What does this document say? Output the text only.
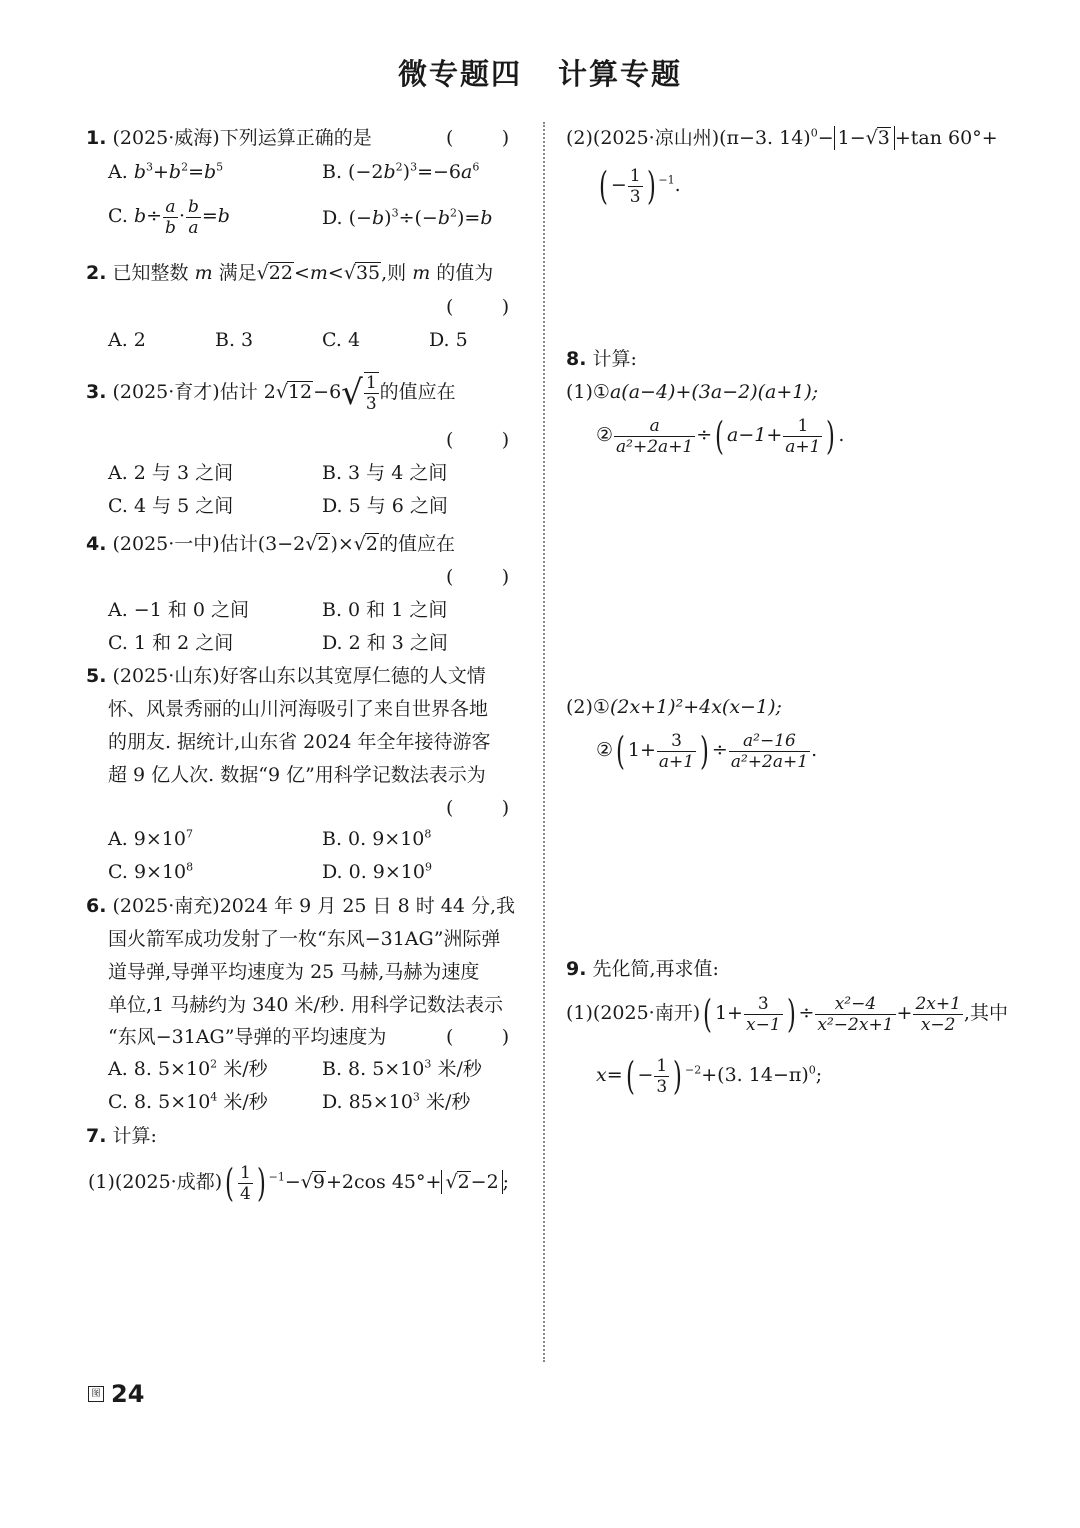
微专题四 计算专题
1. (2025·威海)下列运算正确的是	(        )
A. $b^3+b^2=b^5$	B. $(-2b^2)^3=-6a^6$
C. $b\div \frac{a}{b} \cdot \frac{b}{a} =b$	D. $(-b)^3\div(-b^2)=b$
2. 已知整数 m 满足√22<m<√35,则 m 的值为
(        )
A. 2	B. 3	C. 4	D. 5
3. (2025·育才)估计 $2√12-6√ \frac{1}{3}$ 的值应在
(        )
A. 2 与 3 之间	B. 3 与 4 之间
C. 4 与 5 之间	D. 5 与 6 之间
4. (2025·一中)估计(3−2√2)×√2的值应在
(        )
A. −1 和 0 之间	B. 0 和 1 之间
C. 1 和 2 之间	D. 2 和 3 之间
5. (2025·山东)好客山东以其宽厚仁德的人文情
怀、风景秀丽的山川河海吸引了来自世界各地
的朋友. 据统计,山东省 2024 年全年接待游客
超 9 亿人次. 数据“9 亿”用科学记数法表示为
(        )
A. $9\times 10^7$	B. 0. $9\times 10^8$
C. $9\times 10^8$	D. 0. $9\times 10^9$
6. (2025·南充)2024 年 9 月 25 日 8 时 44 分,我
国火箭军成功发射了一枚“东风−31AG”洲际弹
道导弹,导弹平均速度为 25 马赫,马赫为速度
单位,1 马赫约为 340 米/秒. 用科学记数法表示
“东风−31AG”导弹的平均速度为	(        )
A. 8. $5\times 10^2$ 米/秒	B. 8. $5\times 10^3$ 米/秒
C. 8. $5\times 10^4$ 米/秒	D. $85\times 10^3$ 米/秒
7. 计算:
(1)(2025·成都)( $\frac{1}{4}$ ) $^{-1}$−√9+2cos 45°+ √2−2 ;
(2)(2025·凉山州)(π−3. 14)$^0$− 1−√3 +tan 60°+
( − $\frac{1}{3}$ ) $^{-1}$.
8. 计算:
(1)①a(a−4)+(3a−2)(a+1);
② $\frac{a}{\text{a²+2a+1}}$ ÷( $a-1+ \frac{1}{a+1}$ ) .
(2)①(2x+1)²+4x(x−1);
②( $1+ \frac{3}{a+1}$ ) ÷ $\frac{\text{a²−16}}{\text{a²+2a+1}}$ .
9. 先化简,再求值:
(1)(2025·南开)( $1+ \frac{3}{x-1}$ ) ÷ $\frac{\text{x²−4}}{\text{x²−2x+1}} + \frac{2x+1}{x-2}$ ,其中
$x=( - \frac{1}{3}$ ) $^{-2}$+(3. 14−π)$^0$;
图 24
